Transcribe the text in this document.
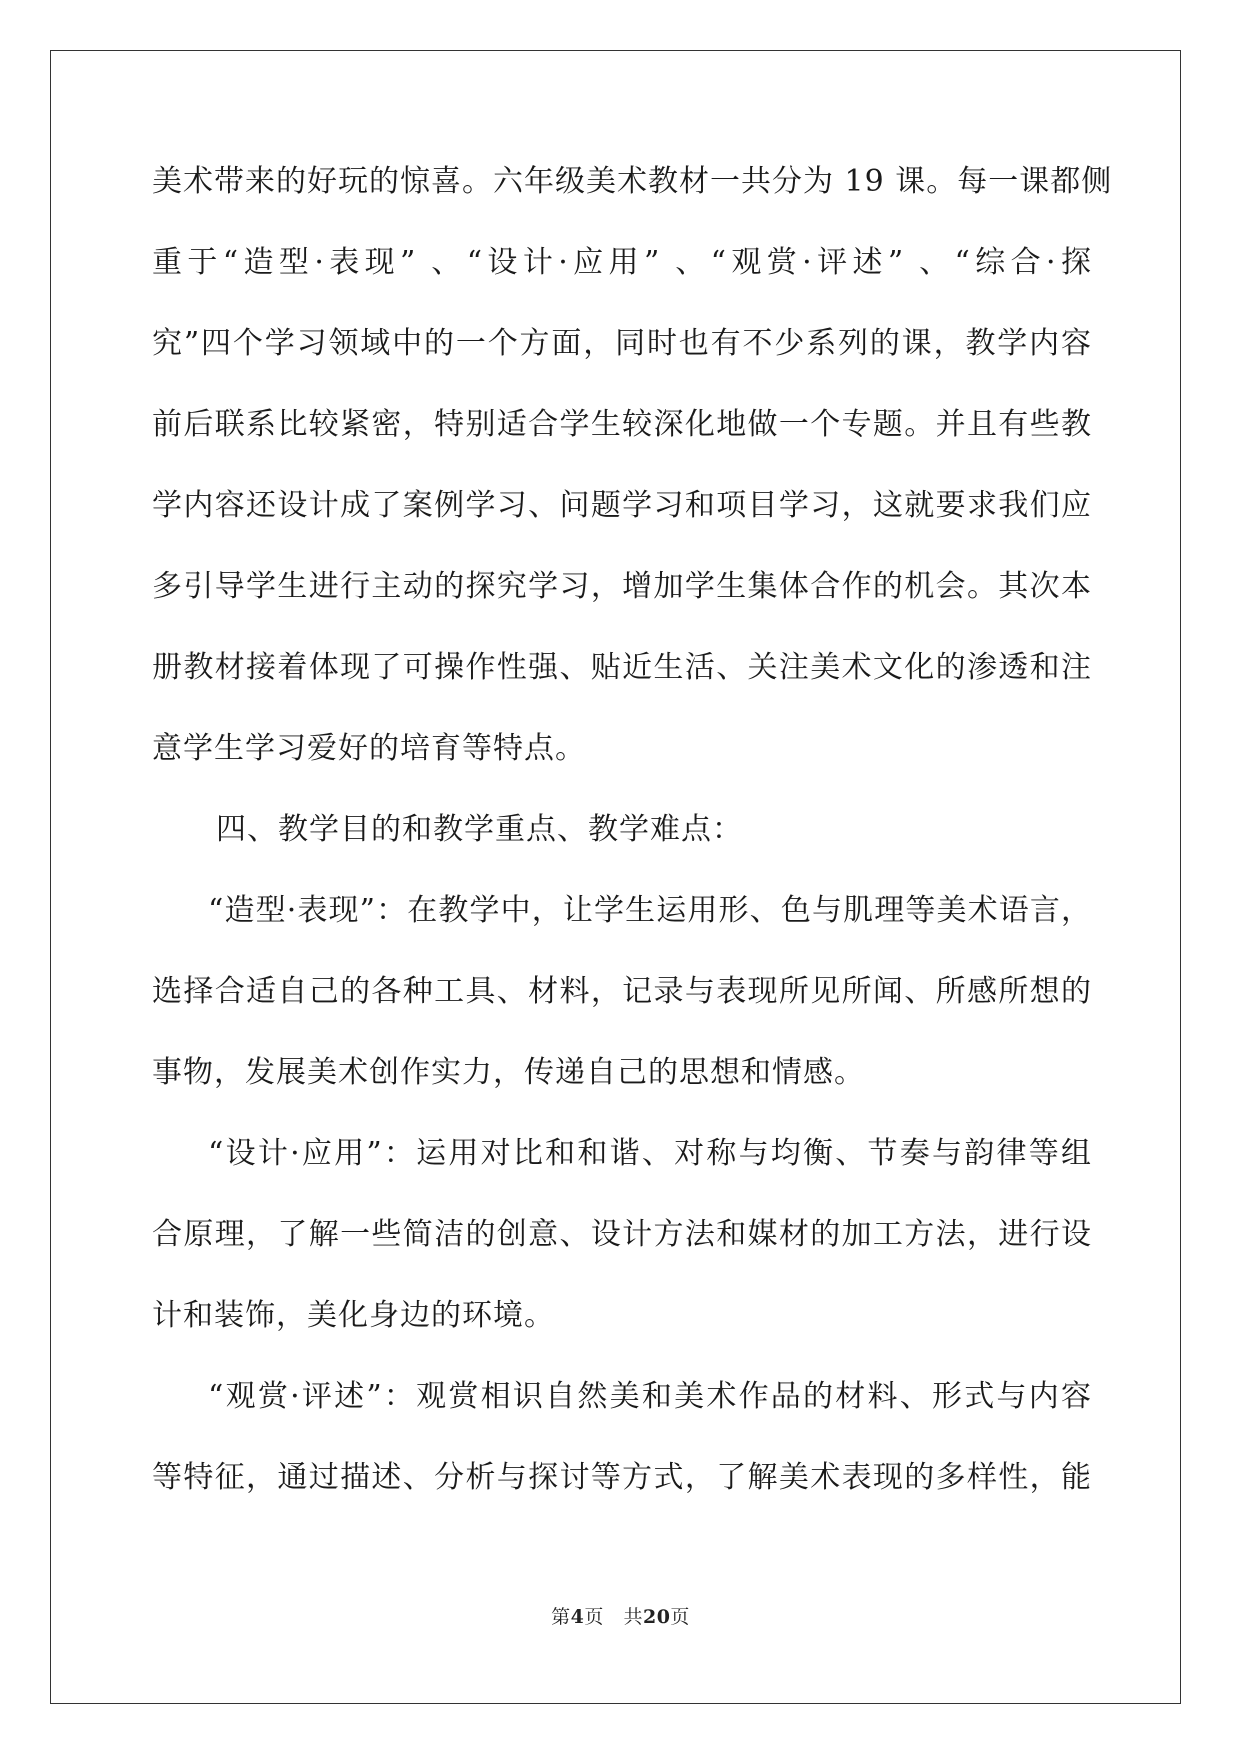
美术带来的好玩的惊喜。六年级美术教材一共分为 19 课。每一课都侧
重于“造型·表现” 、“设计·应用” 、“观赏·评述” 、“综合·探
究”四个学习领域中的一个方面，同时也有不少系列的课，教学内容
前后联系比较紧密，特别适合学生较深化地做一个专题。并且有些教
学内容还设计成了案例学习、问题学习和项目学习，这就要求我们应
多引导学生进行主动的探究学习，增加学生集体合作的机会。其次本
册教材接着体现了可操作性强、贴近生活、关注美术文化的渗透和注
意学生学习爱好的培育等特点。
四、教学目的和教学重点、教学难点：
“造型·表现”：在教学中，让学生运用形、色与肌理等美术语言，
选择合适自己的各种工具、材料，记录与表现所见所闻、所感所想的
事物，发展美术创作实力，传递自己的思想和情感。
“设计·应用”：运用对比和和谐、对称与均衡、节奏与韵律等组
合原理，了解一些简洁的创意、设计方法和媒材的加工方法，进行设
计和装饰，美化身边的环境。
“观赏·评述”：观赏相识自然美和美术作品的材料、形式与内容
等特征，通过描述、分析与探讨等方式，了解美术表现的多样性，能
第4页 共20页
